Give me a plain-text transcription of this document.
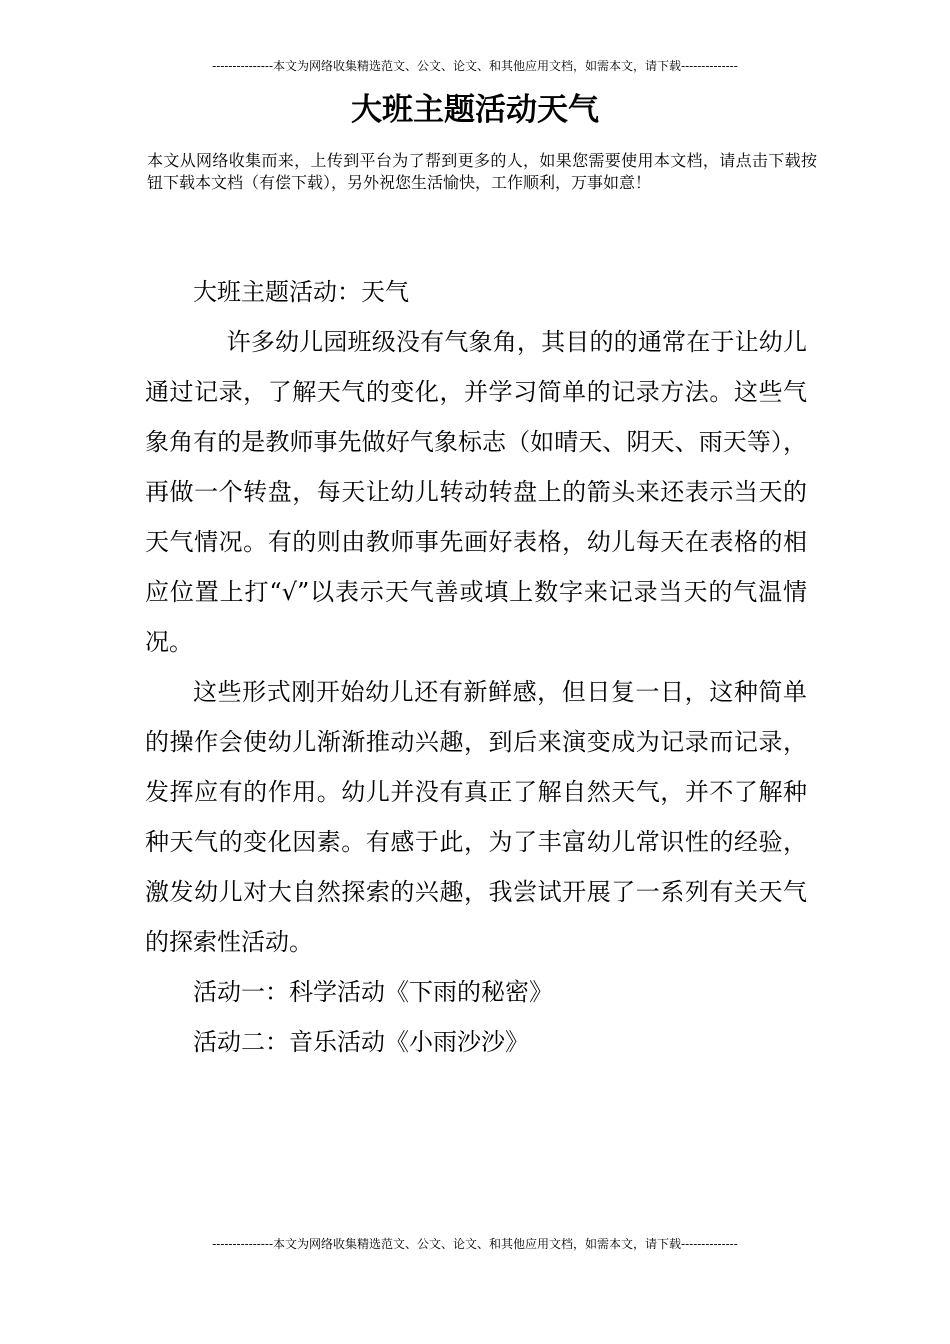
---------------本文为网络收集精选范文、公文、论文、和其他应用文档，如需本文，请下载--------------
大班主题活动天气
本文从网络收集而来，上传到平台为了帮到更多的人，如果您需要使用本文档，请点击下载按钮下载本文档（有偿下载），另外祝您生活愉快，工作顺利，万事如意！

大班主题活动：天气

许多幼儿园班级没有气象角，其目的的通常在于让幼儿通过记录，了解天气的变化，并学习简单的记录方法。这些气象角有的是教师事先做好气象标志（如晴天、阴天、雨天等），再做一个转盘，每天让幼儿转动转盘上的箭头来还表示当天的天气情况。有的则由教师事先画好表格，幼儿每天在表格的相应位置上打“√”以表示天气善或填上数字来记录当天的气温情况。

这些形式刚开始幼儿还有新鲜感，但日复一日，这种简单的操作会使幼儿渐渐推动兴趣，到后来演变成为记录而记录，发挥应有的作用。幼儿并没有真正了解自然天气，并不了解种种天气的变化因素。有感于此，为了丰富幼儿常识性的经验，激发幼儿对大自然探索的兴趣，我尝试开展了一系列有关天气的探索性活动。

活动一：科学活动《下雨的秘密》

活动二：音乐活动《小雨沙沙》

---------------本文为网络收集精选范文、公文、论文、和其他应用文档，如需本文，请下载--------------
